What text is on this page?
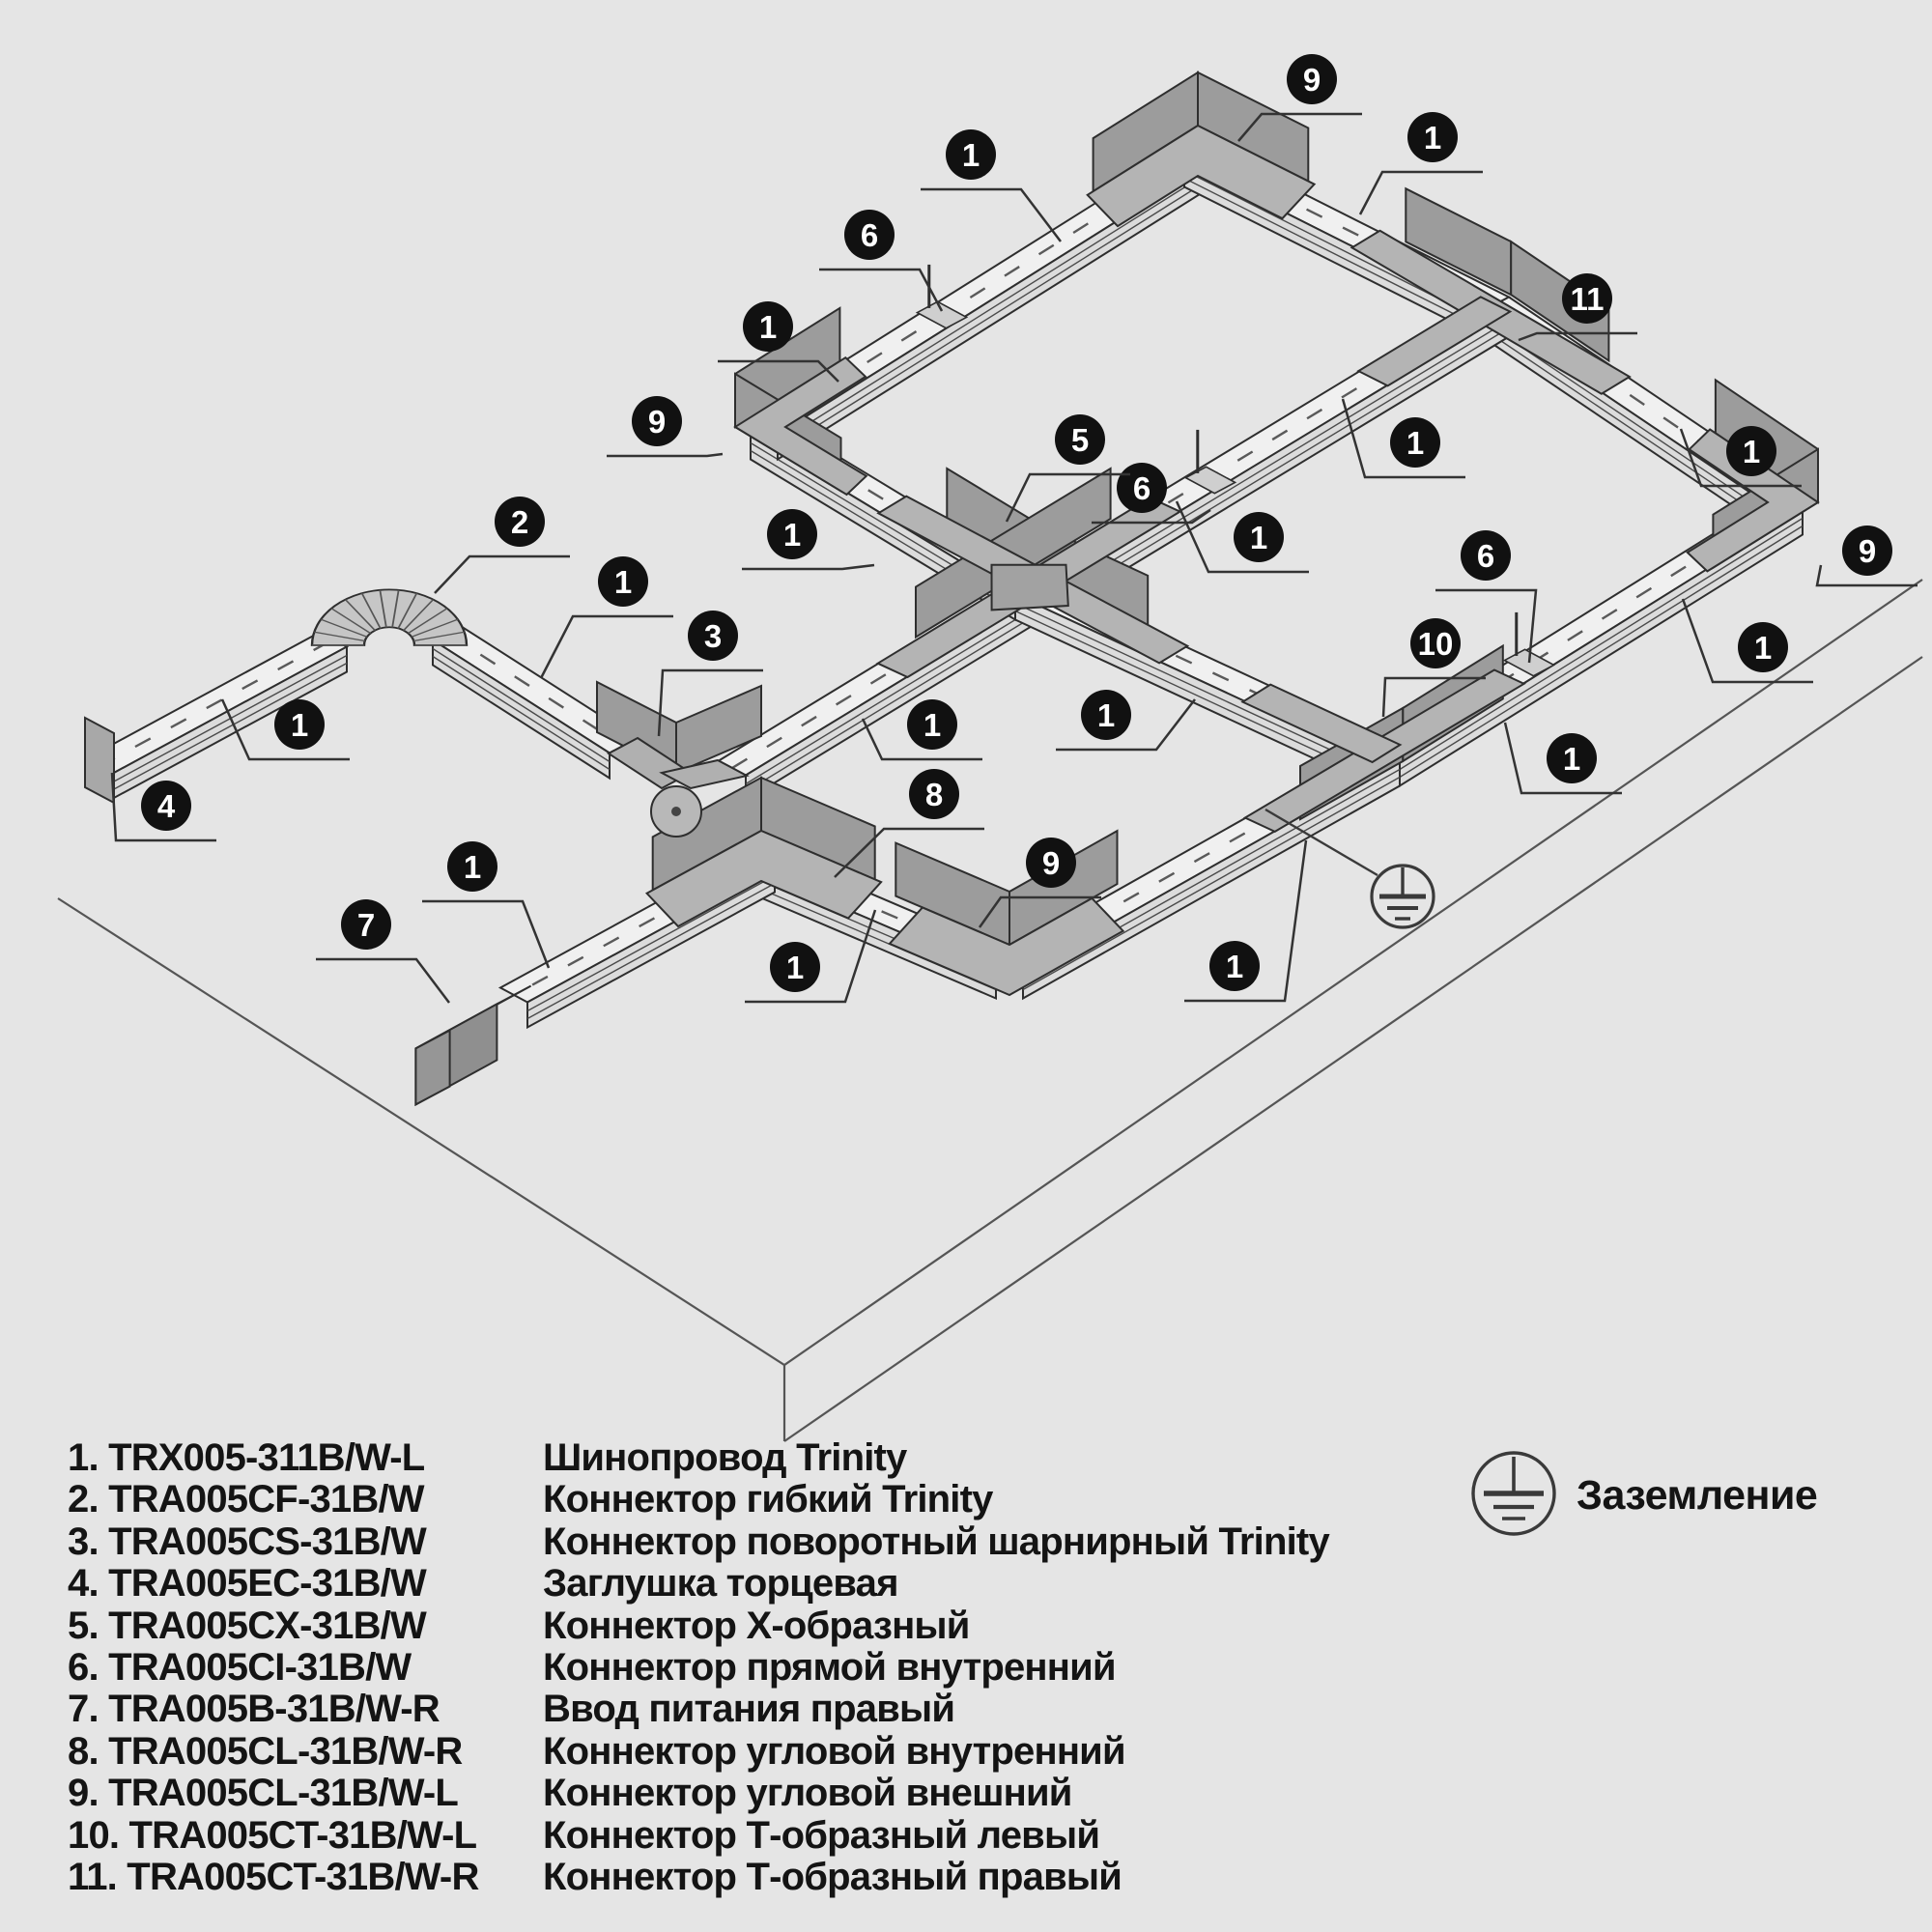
9
1
6
1
9
1
11
1
9
6
1
5
1
1
1	1
2
1
3
1
4
7
1
8
1
9
1
10
6
1
1
Заземление
1. TRX005-311B/W-L	Шинопровод Trinity
2. TRA005CF-31B/W	Коннектор гибкий Trinity
3. TRA005CS-31B/W	Коннектор поворотный шарнирный Trinity
4. TRA005EC-31B/W	Заглушка торцевая
5. TRA005CX-31B/W	Коннектор X-образный
6. TRA005CI-31B/W	Коннектор прямой внутренний
7. TRA005B-31B/W-R	Ввод питания правый
8. TRA005CL-31B/W-R	Коннектор угловой внутренний
9. TRA005CL-31B/W-L	Коннектор угловой внешний
10. TRA005CT-31B/W-L	Коннектор Т-образный левый
11. TRA005CT-31B/W-R	Коннектор Т-образный правый
